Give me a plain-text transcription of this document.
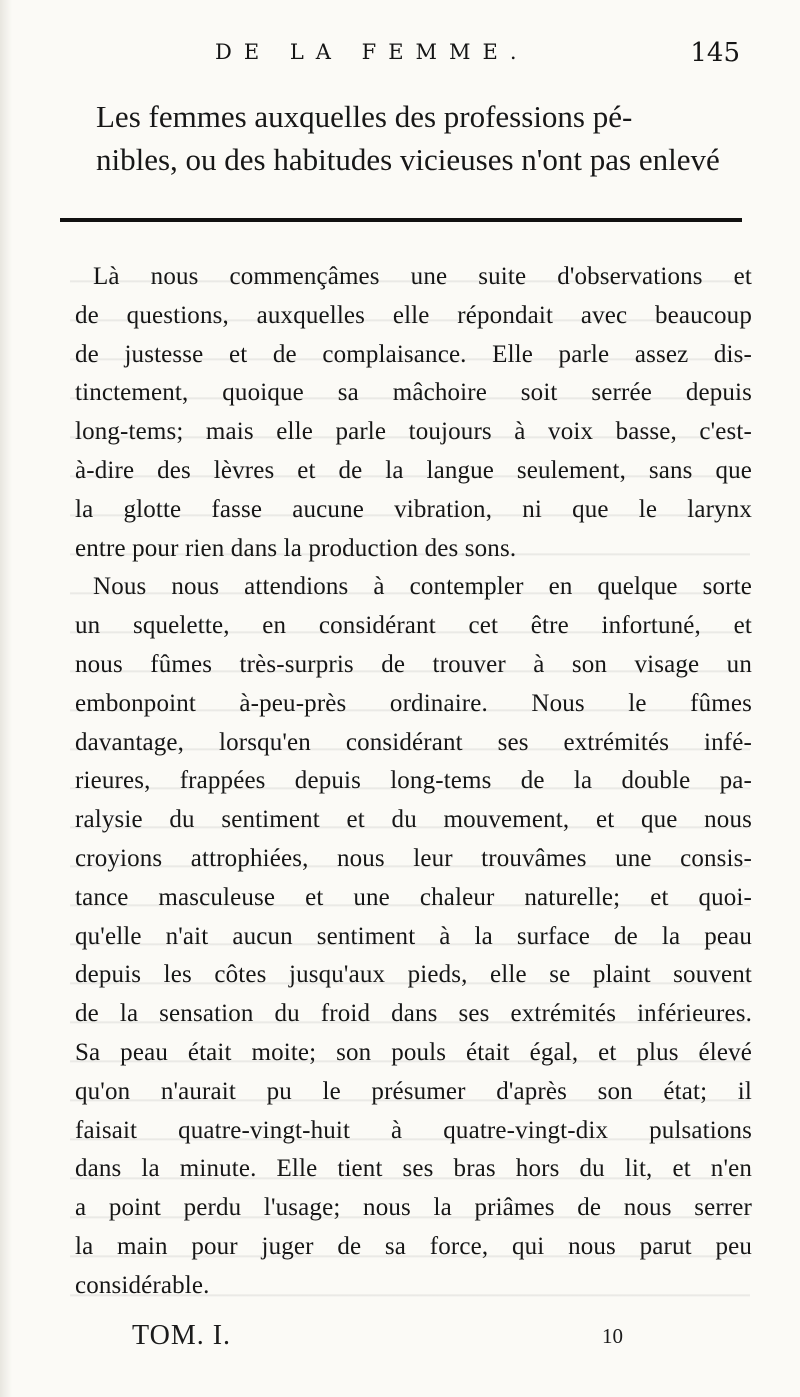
DE LA FEMME.	145
Les femmes auxquelles des professions pé-
nibles, ou des habitudes vicieuses n'ont pas enlevé
Là nous commençâmes une suite d'observations et
de questions, auxquelles elle répondait avec beaucoup
de justesse et de complaisance. Elle parle assez dis-
tinctement, quoique sa mâchoire soit serrée depuis
long-tems; mais elle parle toujours à voix basse, c'est-
à-dire des lèvres et de la langue seulement, sans que
la glotte fasse aucune vibration, ni que le larynx
entre pour rien dans la production des sons.
Nous nous attendions à contempler en quelque sorte
un squelette, en considérant cet être infortuné, et
nous fûmes très-surpris de trouver à son visage un
embonpoint à-peu-près ordinaire. Nous le fûmes
davantage, lorsqu'en considérant ses extrémités infé-
rieures, frappées depuis long-tems de la double pa-
ralysie du sentiment et du mouvement, et que nous
croyions attrophiées, nous leur trouvâmes une consis-
tance masculeuse et une chaleur naturelle; et quoi-
qu'elle n'ait aucun sentiment à la surface de la peau
depuis les côtes jusqu'aux pieds, elle se plaint souvent
de la sensation du froid dans ses extrémités inférieures.
Sa peau était moite; son pouls était égal, et plus élevé
qu'on n'aurait pu le présumer d'après son état; il
faisait quatre-vingt-huit à quatre-vingt-dix pulsations
dans la minute. Elle tient ses bras hors du lit, et n'en
a point perdu l'usage; nous la priâmes de nous serrer
la main pour juger de sa force, qui nous parut peu
considérable.
TOM. I.	10
